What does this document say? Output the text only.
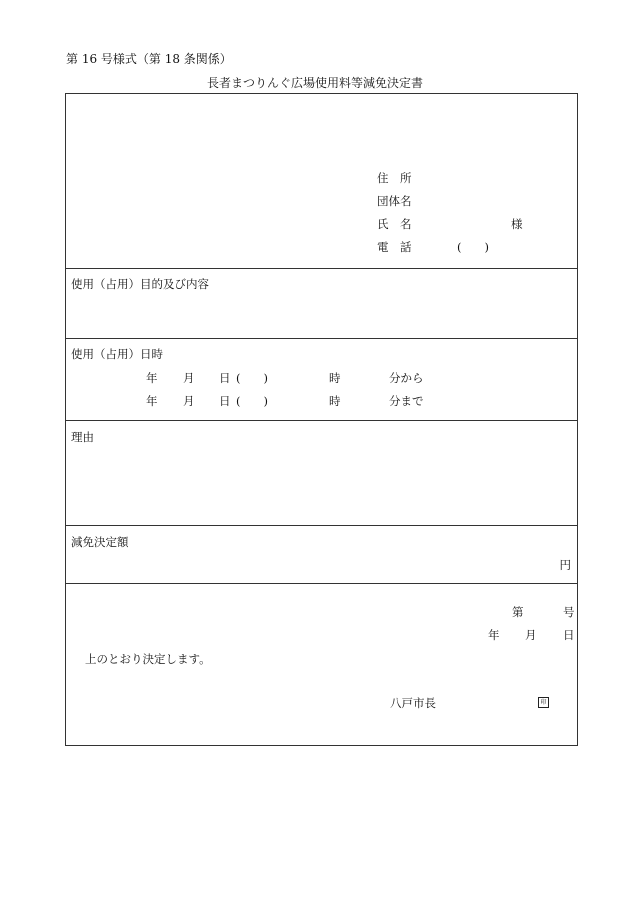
第 16 号様式（第 18 条関係）
長者まつりんぐ広場使用料等減免決定書
住　所
団体名
氏　名	様
電　話	(　　)
使用（占用）目的及び内容
使用（占用）日時
年 月 日 (　　)	時	分から
年 月 日 (　　)	時	分まで
理由
減免決定額
円
第	号
年 月 日
上のとおり決定します。
八戸市長	印
